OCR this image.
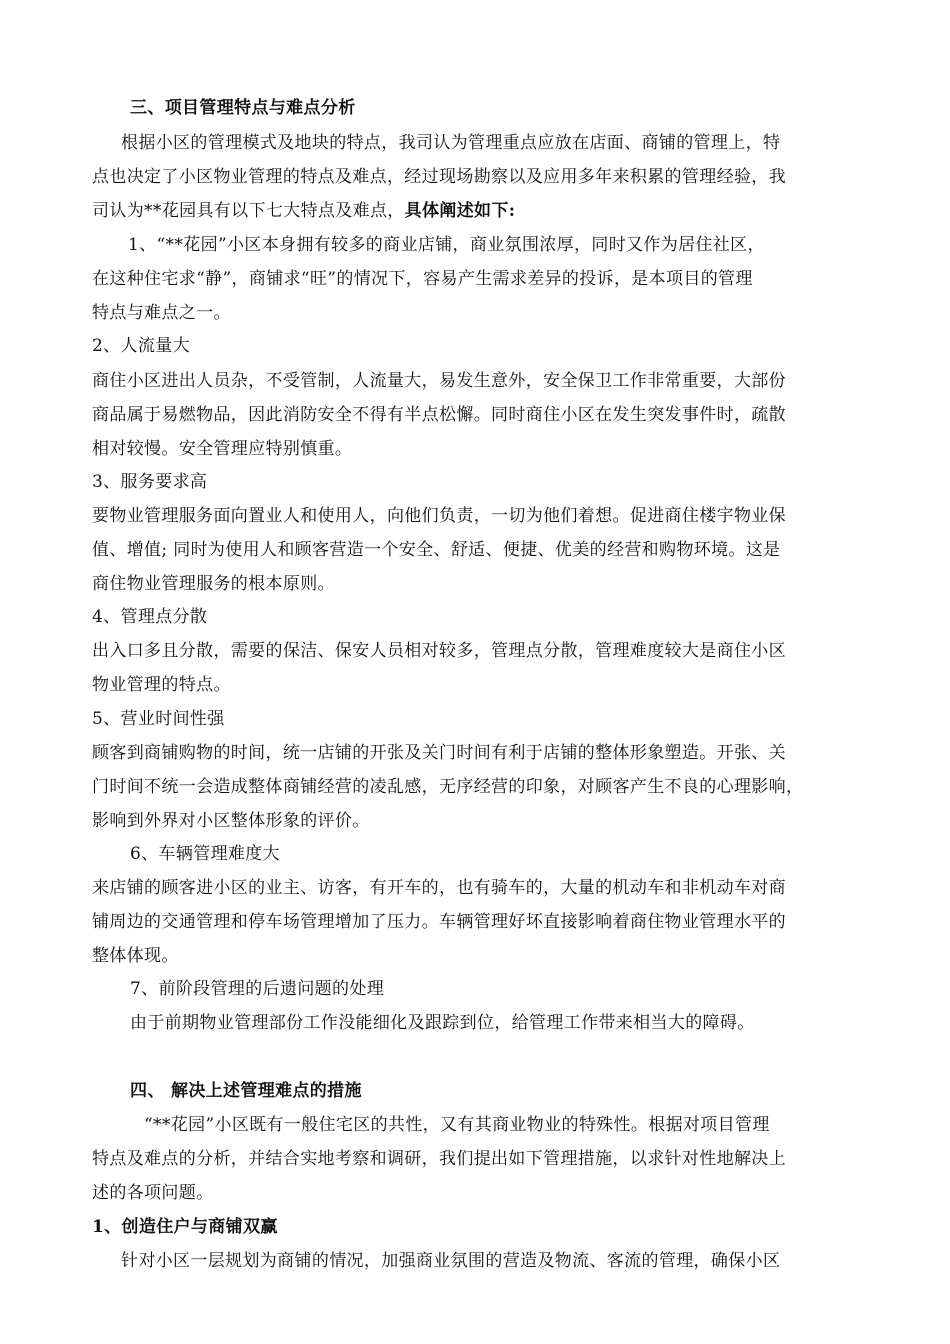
三、项目管理特点与难点分析
根据小区的管理模式及地块的特点，我司认为管理重点应放在店面、商铺的管理上，特
点也决定了小区物业管理的特点及难点，经过现场勘察以及应用多年来积累的管理经验，我
司认为**花园具有以下七大特点及难点，具体阐述如下:
1、“**花园”小区本身拥有较多的商业店铺，商业氛围浓厚，同时又作为居住社区，
在这种住宅求“静”，商铺求“旺”的情况下，容易产生需求差异的投诉，是本项目的管理
特点与难点之一。
2、人流量大
商住小区进出人员杂，不受管制，人流量大，易发生意外，安全保卫工作非常重要，大部份
商品属于易燃物品，因此消防安全不得有半点松懈。同时商住小区在发生突发事件时，疏散
相对较慢。安全管理应特别慎重。
3、服务要求高
要物业管理服务面向置业人和使用人，向他们负责，一切为他们着想。促进商住楼宇物业保
值、增值; 同时为使用人和顾客营造一个安全、舒适、便捷、优美的经营和购物环境。这是
商住物业管理服务的根本原则。
4、管理点分散
出入口多且分散，需要的保洁、保安人员相对较多，管理点分散，管理难度较大是商住小区
物业管理的特点。
5、营业时间性强
顾客到商铺购物的时间，统一店铺的开张及关门时间有利于店铺的整体形象塑造。开张、关
门时间不统一会造成整体商铺经营的凌乱感，无序经营的印象，对顾客产生不良的心理影响，
影响到外界对小区整体形象的评价。
6、车辆管理难度大
来店铺的顾客进小区的业主、访客，有开车的，也有骑车的，大量的机动车和非机动车对商
铺周边的交通管理和停车场管理增加了压力。车辆管理好坏直接影响着商住物业管理水平的
整体体现。
7、前阶段管理的后遗问题的处理
由于前期物业管理部份工作没能细化及跟踪到位，给管理工作带来相当大的障碍。
四、 解决上述管理难点的措施
“**花园”小区既有一般住宅区的共性，又有其商业物业的特殊性。根据对项目管理
特点及难点的分析，并结合实地考察和调研，我们提出如下管理措施，以求针对性地解决上
述的各项问题。
1、创造住户与商铺双赢
针对小区一层规划为商铺的情况，加强商业氛围的营造及物流、客流的管理，确保小区
